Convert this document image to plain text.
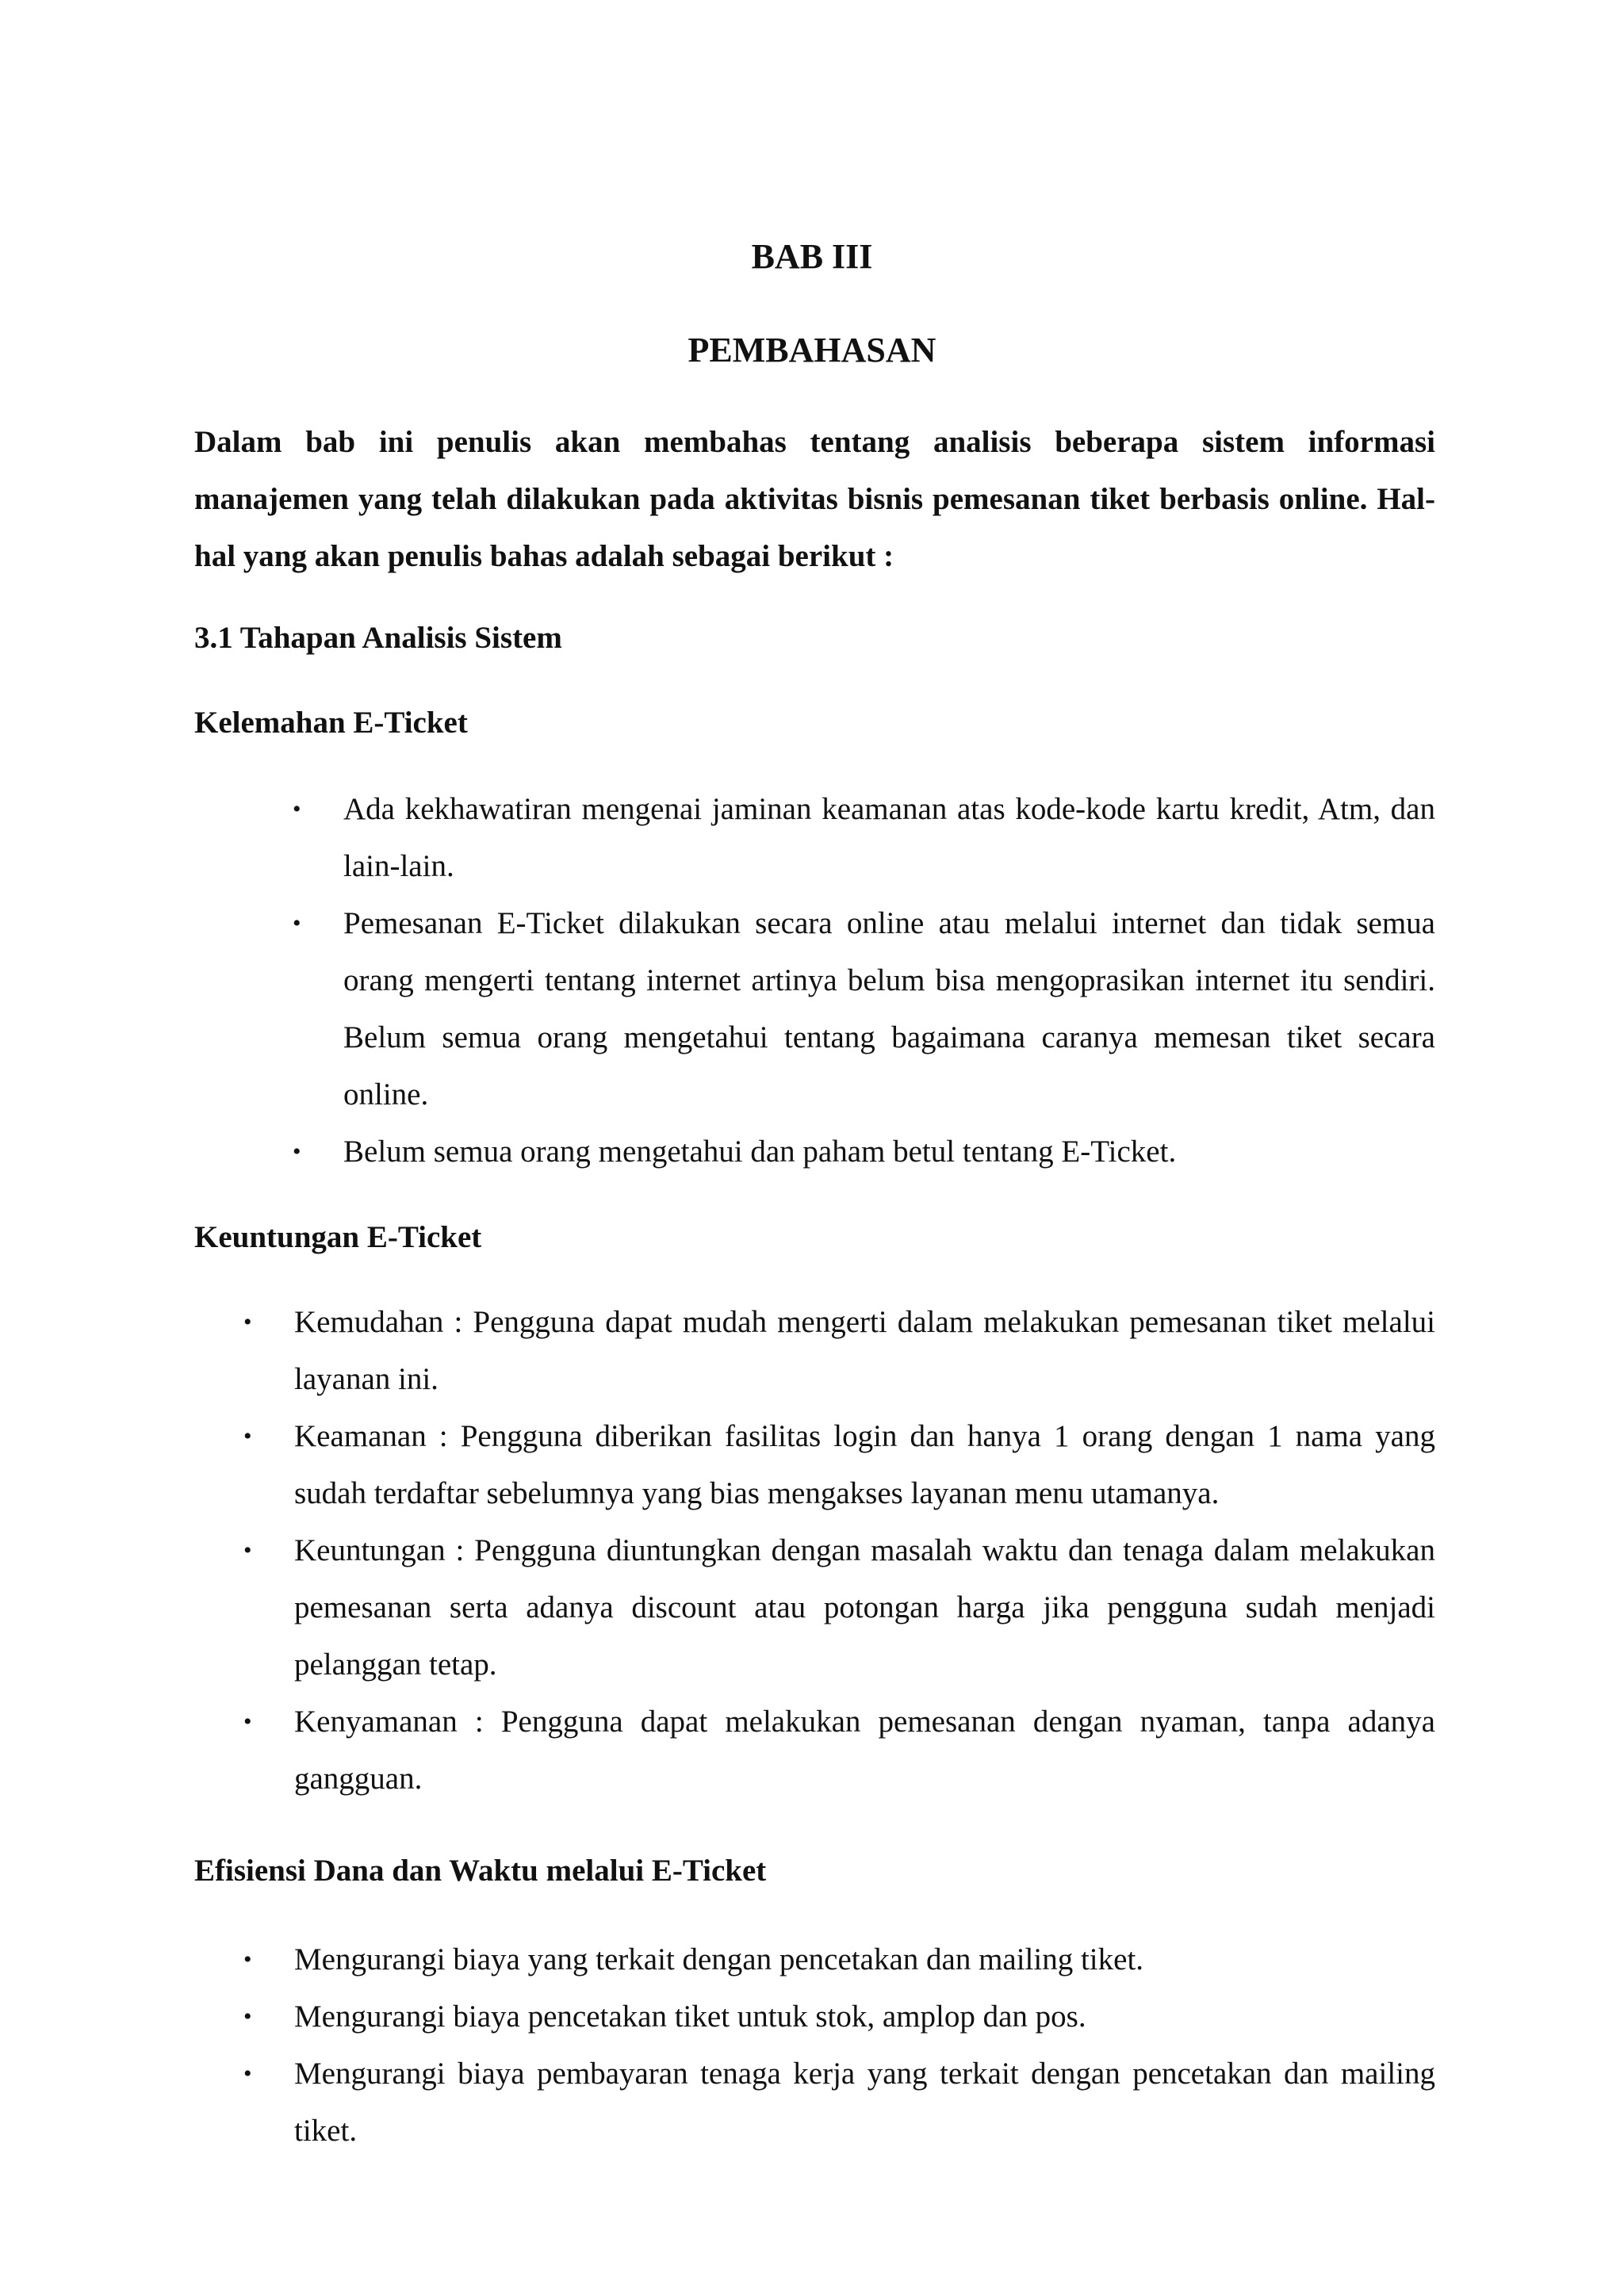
BAB III
PEMBAHASAN

Dalam bab ini penulis akan membahas tentang analisis beberapa sistem informasi manajemen yang telah dilakukan pada aktivitas bisnis pemesanan tiket berbasis online. Hal-hal yang akan penulis bahas adalah sebagai berikut :

3.1 Tahapan Analisis Sistem
Kelemahan E-Ticket
• Ada kekhawatiran mengenai jaminan keamanan atas kode-kode kartu kredit, Atm, dan lain-lain.
• Pemesanan E-Ticket dilakukan secara online atau melalui internet dan tidak semua orang mengerti tentang internet artinya belum bisa mengoprasikan internet itu sendiri. Belum semua orang mengetahui tentang bagaimana caranya memesan tiket secara online.
• Belum semua orang mengetahui dan paham betul tentang E-Ticket.
Keuntungan E-Ticket
• Kemudahan : Pengguna dapat mudah mengerti dalam melakukan pemesanan tiket melalui layanan ini.
• Keamanan : Pengguna diberikan fasilitas login dan hanya 1 orang dengan 1 nama yang sudah terdaftar sebelumnya yang bias mengakses layanan menu utamanya.
• Keuntungan : Pengguna diuntungkan dengan masalah waktu dan tenaga dalam melakukan pemesanan serta adanya discount atau potongan harga jika pengguna sudah menjadi pelanggan tetap.
• Kenyamanan : Pengguna dapat melakukan pemesanan dengan nyaman, tanpa adanya gangguan.
Efisiensi Dana dan Waktu melalui E-Ticket
• Mengurangi biaya yang terkait dengan pencetakan dan mailing tiket.
• Mengurangi biaya pencetakan tiket untuk stok, amplop dan pos.
• Mengurangi biaya pembayaran tenaga kerja yang terkait dengan pencetakan dan mailing tiket.
